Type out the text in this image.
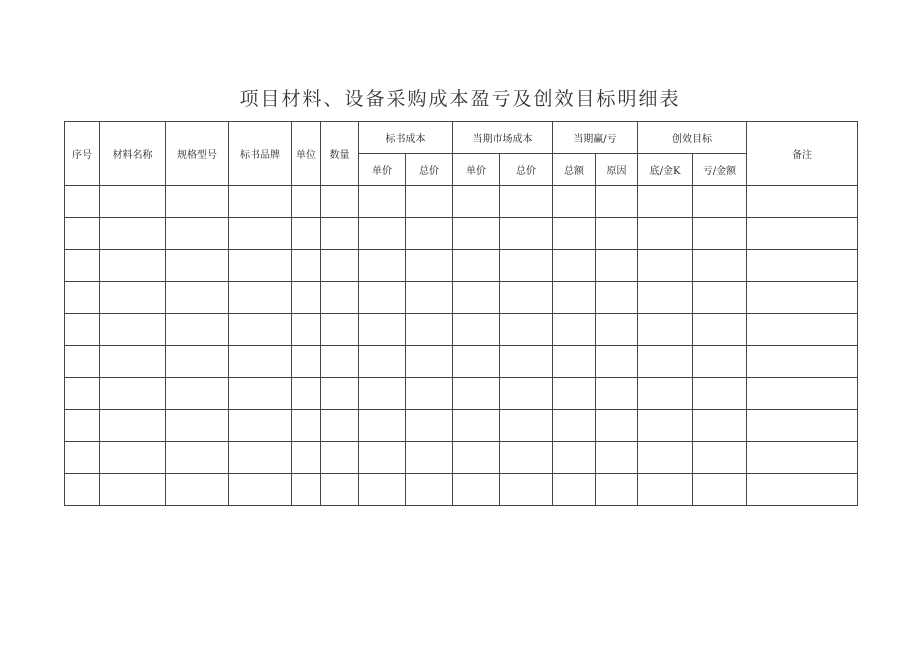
项目材料、设备采购成本盈亏及创效目标明细表
序号	材料名称	规格型号	标书品牌	单位	数量	标书成本		当期市场成本		当期赢/亏		创效目标		备注
						单价	总价	单价	总价	总额	原因	底/金K	亏/金额	
